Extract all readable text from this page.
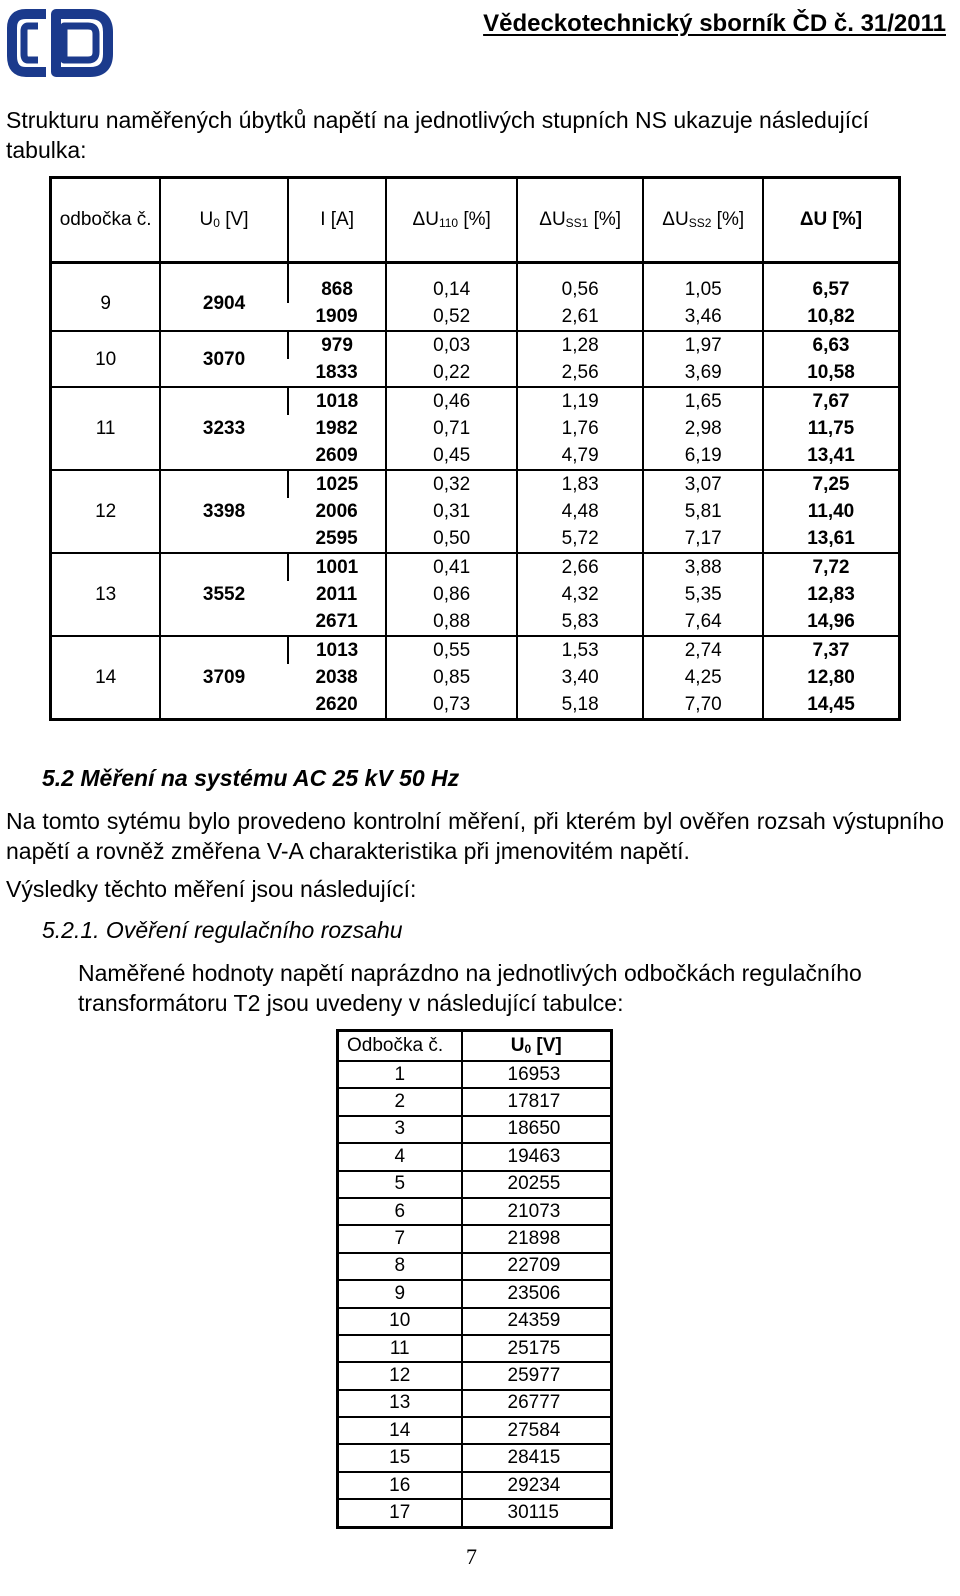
ČD
Vědeckotechnický sborník ČD č. 31/2011
Strukturu naměřených úbytků napětí na jednotlivých stupních NS ukazuje následující tabulka:
odbočka č.	$U_0$ [V]	I [A]	$\Delta U_{110}$ [%]	$\Delta U_{SS1}$ [%]	$\Delta U_{SS2}$ [%]	ΔU [%]

9	2904	868	0,14	0,56	1,05	6,57
		1909	0,52	2,61	3,46	10,82
10	3070	979	0,03	1,28	1,97	6,63
		1833	0,22	2,56	3,69	10,58
11	3233	1018	0,46	1,19	1,65	7,67
		1982	0,71	1,76	2,98	11,75
		2609	0,45	4,79	6,19	13,41
12	3398	1025	0,32	1,83	3,07	7,25
		2006	0,31	4,48	5,81	11,40
		2595	0,50	5,72	7,17	13,61
13	3552	1001	0,41	2,66	3,88	7,72
		2011	0,86	4,32	5,35	12,83
		2671	0,88	5,83	7,64	14,96
14	3709	1013	0,55	1,53	2,74	7,37
		2038	0,85	3,40	4,25	12,80
		2620	0,73	5,18	7,70	14,45
5.2 Měření na systému AC 25 kV 50 Hz
Na tomto sytému bylo provedeno kontrolní měření, při kterém byl ověřen rozsah výstupního napětí a rovněž změřena V-A charakteristika při jmenovitém napětí.
Výsledky těchto měření jsou následující:
5.2.1. Ověření regulačního rozsahu
Naměřené hodnoty napětí naprázdno na jednotlivých odbočkách regulačního transformátoru T2 jsou uvedeny v následující tabulce:
Odbočka č.	$U_0$ [V]
1	16953
2	17817
3	18650
4	19463
5	20255
6	21073
7	21898
8	22709
9	23506
10	24359
11	25175
12	25977
13	26777
14	27584
15	28415
16	29234
17	30115
7
